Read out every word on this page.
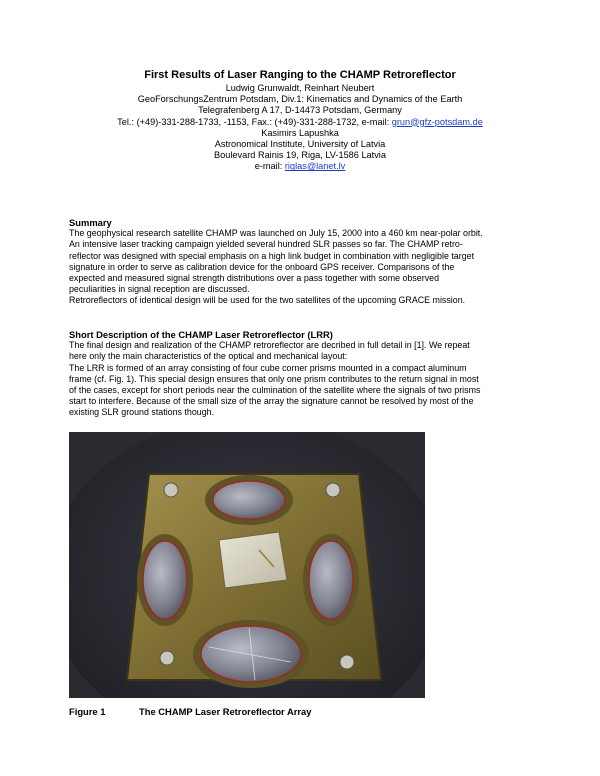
First Results of Laser Ranging to the CHAMP Retroreflector
Ludwig Grunwaldt, Reinhart Neubert
GeoForschungsZentrum Potsdam, Div.1: Kinematics and Dynamics of the Earth
Telegrafenberg A 17, D-14473 Potsdam, Germany
Tel.: (+49)-331-288-1733, -1153, Fax.: (+49)-331-288-1732, e-mail: grun@gfz-potsdam.de
Kasimirs Lapushka
Astronomical Institute, University of Latvia
Boulevard Rainis 19, Riga, LV-1586 Latvia
e-mail: riglas@lanet.lv
Summary
The geophysical research satellite CHAMP was launched on July 15, 2000 into a 460 km near-polar orbit.
An intensive laser tracking campaign yielded several hundred SLR passes so far. The CHAMP retro-
reflector was designed with special emphasis on a high link budget in combination with negligible target
signature in order to serve as calibration device for the onboard GPS receiver. Comparisons of the
expected and measured signal strength distributions over a pass together with some observed
peculiarities in signal reception are discussed.
Retroreflectors of identical design will be used for the two satellites of the upcoming GRACE mission.
Short Description of the CHAMP Laser Retroreflector (LRR)
The final design and realization of the CHAMP retroreflector are decribed in full detail in [1]. We repeat
here only the main characteristics of the optical and mechanical layout:
The LRR is formed of an array consisting of four cube corner prisms mounted in a compact aluminum
frame (cf. Fig. 1). This special design ensures that only one prism contributes to the return signal in most
of the cases, except for short periods near the culmination of the satellite where the signals of two prisms
start to interfere. Because of the small size of the array the signature cannot be resolved by most of the
existing SLR ground stations though.
Figure 1	The CHAMP Laser Retroreflector Array
